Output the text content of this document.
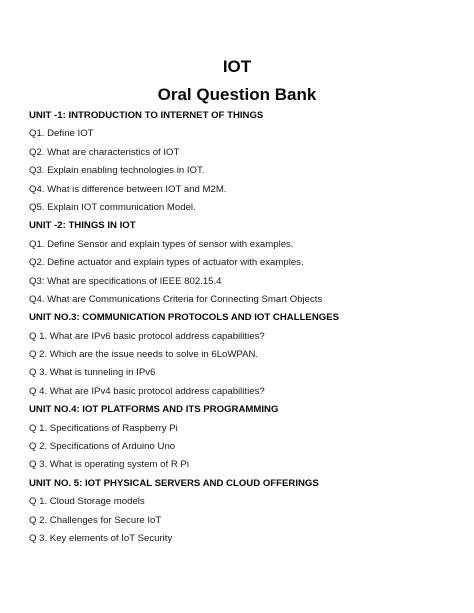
IOT
Oral Question Bank
UNIT -1: INTRODUCTION TO INTERNET OF THINGS
Q1. Define IOT
Q2. What are characteristics of IOT
Q3. Explain enabling technologies in IOT.
Q4. What is difference between IOT and M2M.
Q5. Explain IOT communication Model.
UNIT -2: THINGS IN IOT
Q1. Define Sensor and explain types of sensor with examples.
Q2. Define actuator and explain types of actuator with examples.
Q3: What are specifications of IEEE 802.15.4
Q4. What are Communications Criteria for Connecting Smart Objects
UNIT NO.3: COMMUNICATION PROTOCOLS AND IOT CHALLENGES
Q 1. What are IPv6 basic protocol address capabilities?
Q 2. Which are the issue needs to solve in 6LoWPAN.
Q 3. What is tunneling in IPv6
Q 4. What are IPv4 basic protocol address capabilities?
UNIT NO.4: IOT PLATFORMS AND ITS PROGRAMMING
Q 1. Specifications of Raspberry Pi
Q 2. Specifications of Arduino Uno
Q 3. What is operating system of R Pi
UNIT NO. 5: IOT PHYSICAL SERVERS AND CLOUD OFFERINGS
Q 1. Cloud Storage models
Q 2. Challenges for Secure IoT
Q 3. Key elements of IoT Security
